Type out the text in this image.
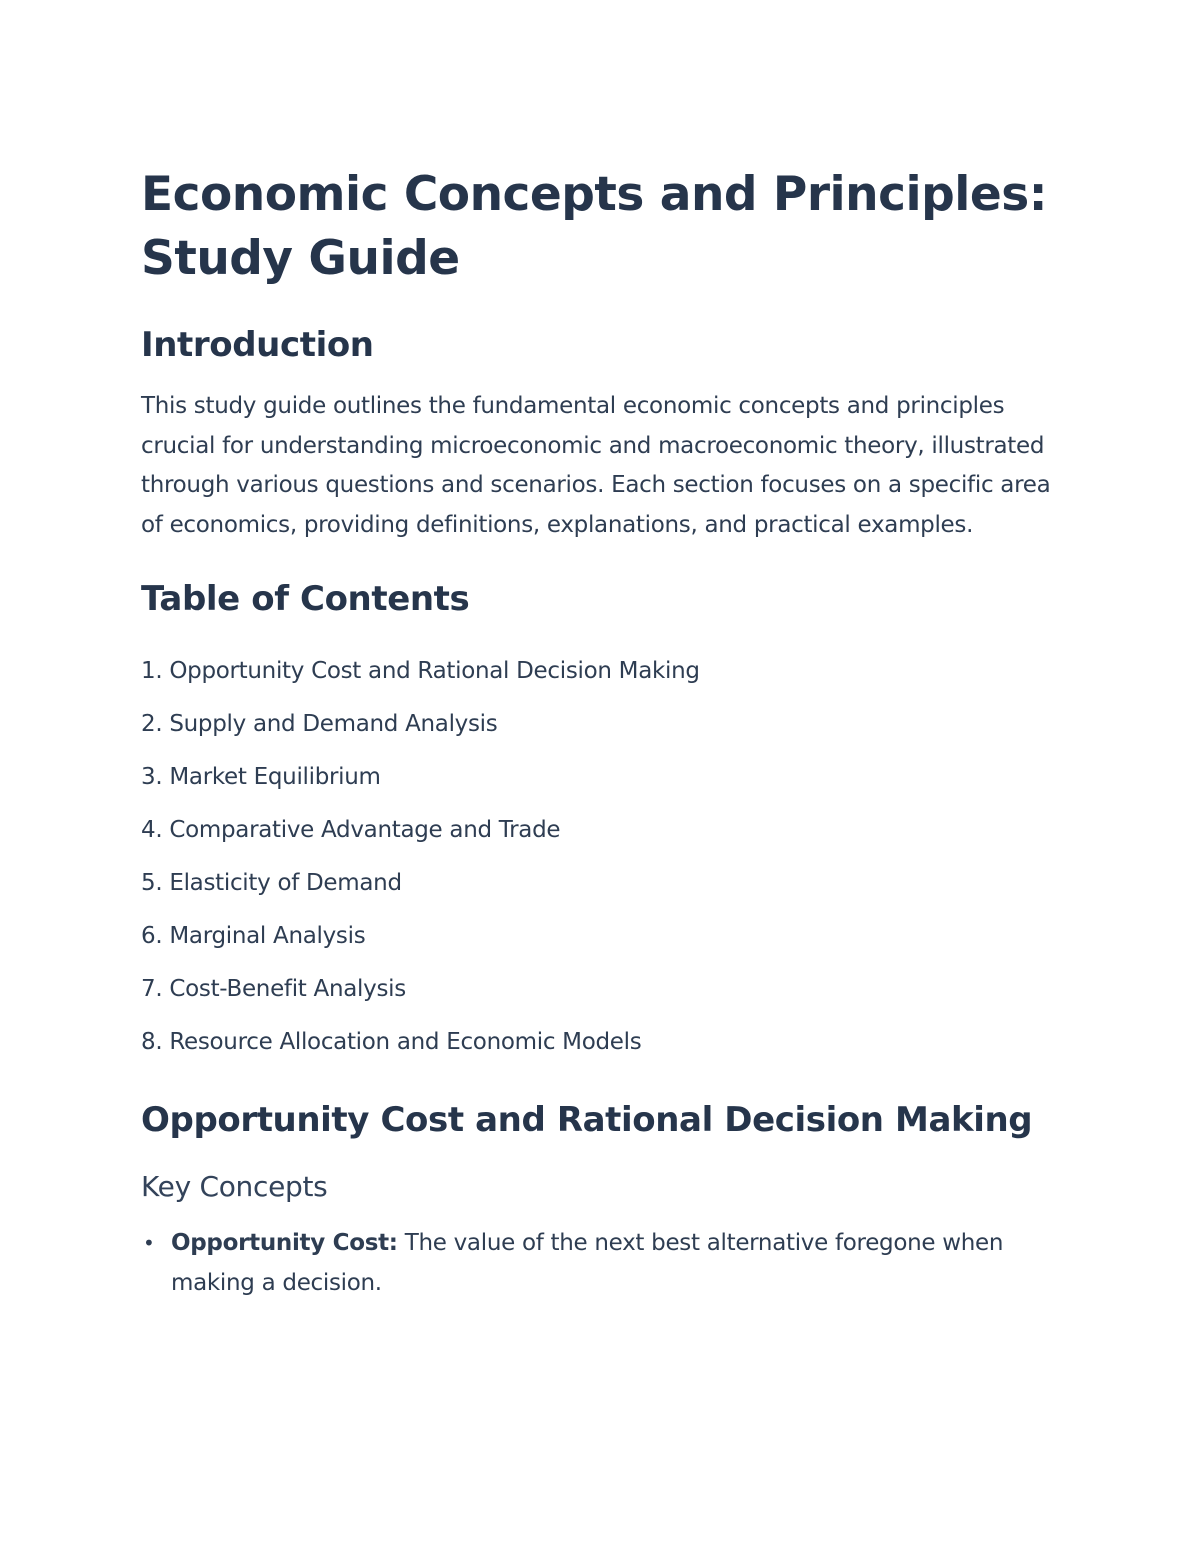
Economic Concepts and Principles: Study Guide
Introduction

This study guide outlines the fundamental economic concepts and principles crucial for understanding microeconomic and macroeconomic theory, illustrated through various questions and scenarios. Each section focuses on a specific area of economics, providing definitions, explanations, and practical examples.

Table of Contents
1. Opportunity Cost and Rational Decision Making
2. Supply and Demand Analysis
3. Market Equilibrium
4. Comparative Advantage and Trade
5. Elasticity of Demand
6. Marginal Analysis
7. Cost-Benefit Analysis
8. Resource Allocation and Economic Models
Opportunity Cost and Rational Decision Making
Key Concepts
• Opportunity Cost: The value of the next best alternative foregone when making a decision.
